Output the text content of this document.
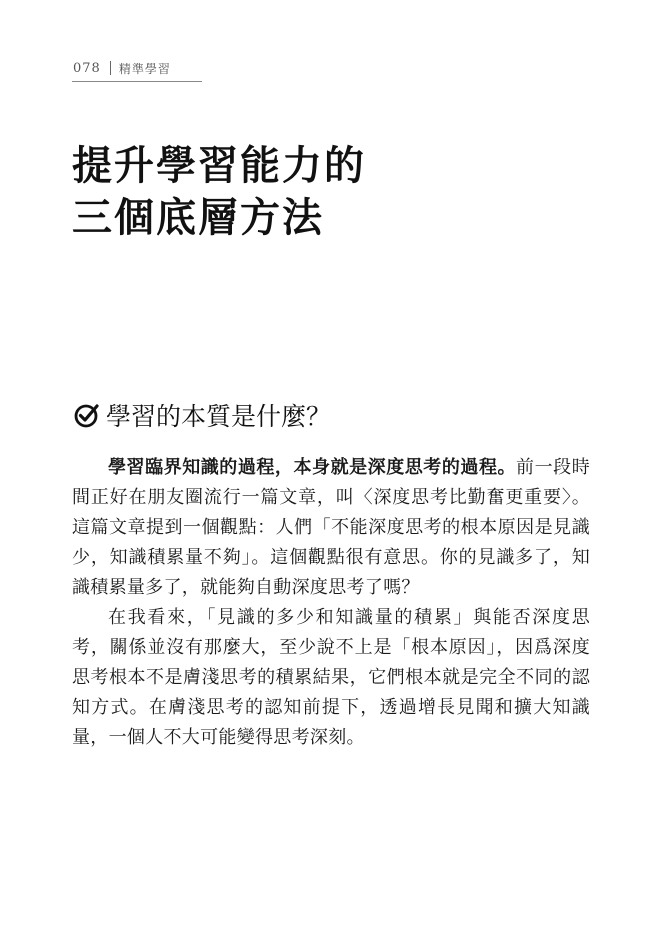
078 精準學習
提升學習能力的
三個底層方法
學習的本質是什麼？

學習臨界知識的過程，本身就是深度思考的過程。前一段時間正好在朋友圈流行一篇文章，叫〈深度思考比勤奮更重要〉。這篇文章提到一個觀點：人們「不能深度思考的根本原因是見識少，知識積累量不夠」。這個觀點很有意思。你的見識多了，知識積累量多了，就能夠自動深度思考了嗎？

在我看來，「見識的多少和知識量的積累」與能否深度思考，關係並沒有那麼大，至少說不上是「根本原因」，因爲深度思考根本不是膚淺思考的積累結果，它們根本就是完全不同的認知方式。在膚淺思考的認知前提下，透過增長見聞和擴大知識量，一個人不大可能變得思考深刻。
